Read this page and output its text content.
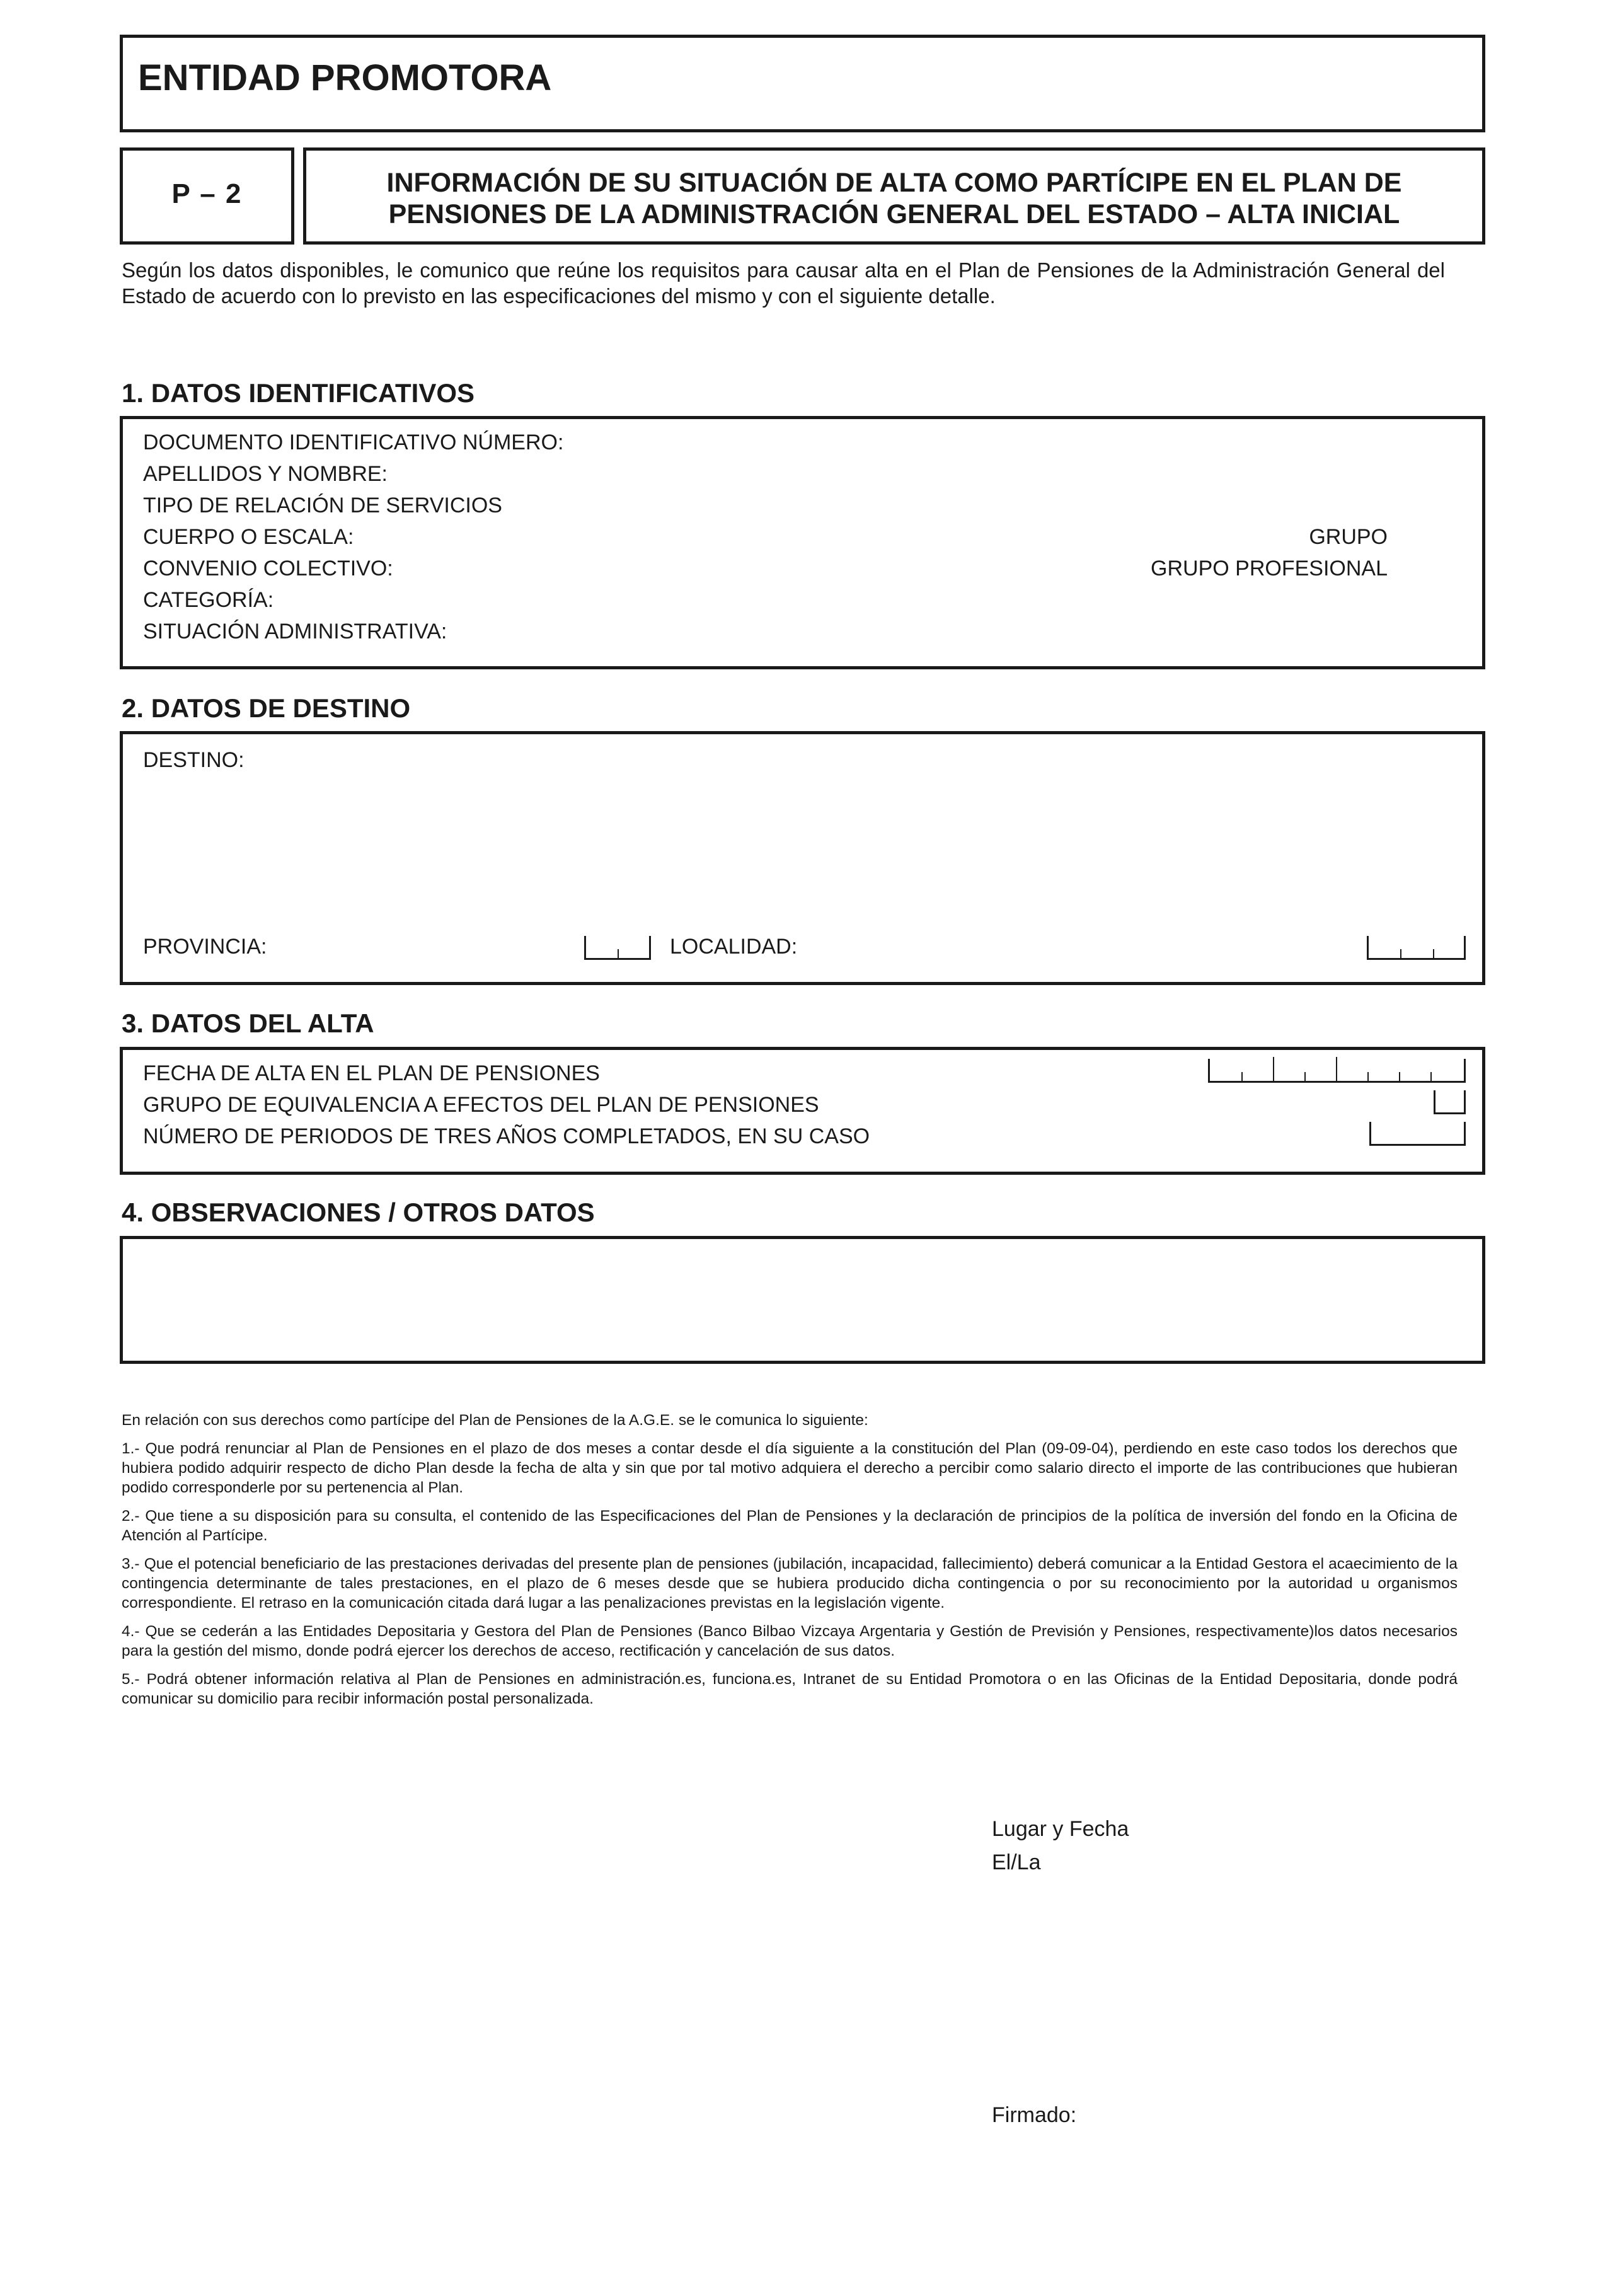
ENTIDAD PROMOTORA
P – 2	INFORMACIÓN DE SU SITUACIÓN DE ALTA COMO PARTÍCIPE EN EL PLAN DE PENSIONES DE LA ADMINISTRACIÓN GENERAL DEL ESTADO – ALTA INICIAL
Según los datos disponibles, le comunico que reúne los requisitos para causar alta en el Plan de Pensiones de la Administración General del Estado de acuerdo con lo previsto en las especificaciones del mismo y con el siguiente detalle.
1. DATOS IDENTIFICATIVOS
DOCUMENTO IDENTIFICATIVO NÚMERO:
APELLIDOS Y NOMBRE:
TIPO DE RELACIÓN DE SERVICIOS
CUERPO O ESCALA:	GRUPO
CONVENIO COLECTIVO:	GRUPO PROFESIONAL
CATEGORÍA:
SITUACIÓN ADMINISTRATIVA:
2. DATOS DE DESTINO
DESTINO:
PROVINCIA:	LOCALIDAD:
3. DATOS DEL ALTA
FECHA DE ALTA EN EL PLAN DE PENSIONES
GRUPO DE EQUIVALENCIA A EFECTOS DEL PLAN DE PENSIONES
NÚMERO DE PERIODOS DE TRES AÑOS COMPLETADOS, EN SU CASO
4. OBSERVACIONES / OTROS DATOS

En relación con sus derechos como partícipe del Plan de Pensiones de la A.G.E. se le comunica lo siguiente:

1.- Que podrá renunciar al Plan de Pensiones en el plazo de dos meses a contar desde el día siguiente a la constitución del Plan (09-09-04), perdiendo en este caso todos los derechos que hubiera podido adquirir respecto de dicho Plan desde la fecha de alta y sin que por tal motivo adquiera el derecho a percibir como salario directo el importe de las contribuciones que hubieran podido corresponderle por su pertenencia al Plan.

2.- Que tiene a su disposición para su consulta, el contenido de las Especificaciones del Plan de Pensiones y la declaración de principios de la política de inversión del fondo en la Oficina de Atención al Partícipe.

3.- Que el potencial beneficiario de las prestaciones derivadas del presente plan de pensiones (jubilación, incapacidad, fallecimiento) deberá comunicar a la Entidad Gestora el acaecimiento de la contingencia determinante de tales prestaciones, en el plazo de 6 meses desde que se hubiera producido dicha contingencia o por su reconocimiento por la autoridad u organismos correspondiente. El retraso en la comunicación citada dará lugar a las penalizaciones previstas en la legislación vigente.

4.- Que se cederán a las Entidades Depositaria y Gestora del Plan de Pensiones (Banco Bilbao Vizcaya Argentaria y Gestión de Previsión y Pensiones, respectivamente)los datos necesarios para la gestión del mismo, donde podrá ejercer los derechos de acceso, rectificación y cancelación de sus datos.

5.- Podrá obtener información relativa al Plan de Pensiones en administración.es, funciona.es, Intranet de su Entidad Promotora o en las Oficinas de la Entidad Depositaria, donde podrá comunicar su domicilio para recibir información postal personalizada.

Lugar y Fecha
El/La
Firmado:
